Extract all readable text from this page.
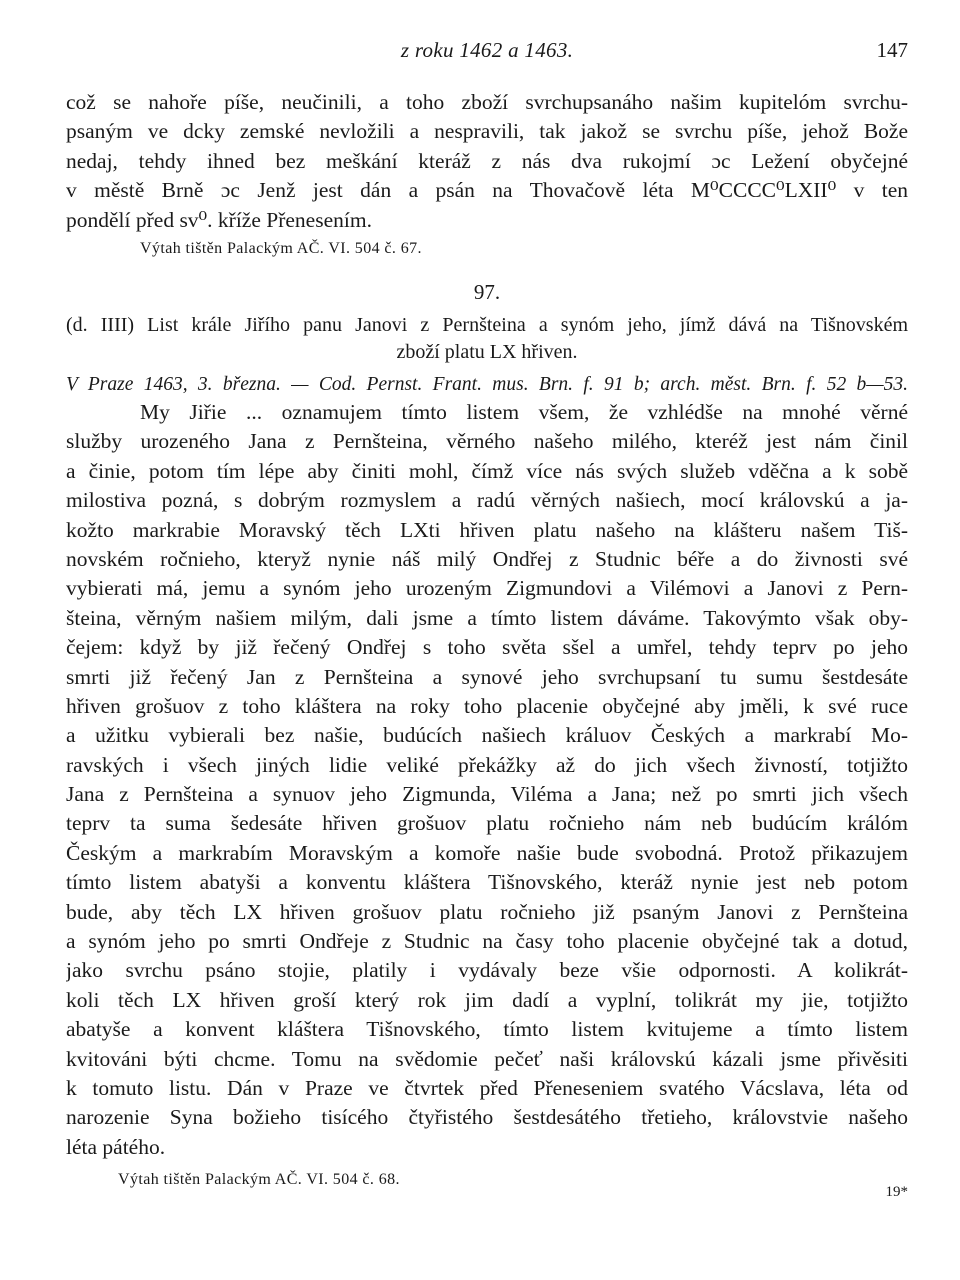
z roku 1462 a 1463.	147
což se nahoře píše, neučinili, a toho zboží svrchupsanáho našim kupitelóm svrchu-
psaným ve dcky zemské nevložili a nespravili, tak jakož se svrchu píše, jehož Bože
nedaj, tehdy ihned bez meškání kteráž z nás dva rukojmí ɔc Ležení obyčejné
v městě Brně ɔc Jenž jest dán a psán na Thovačově léta M⁰CCCC⁰LXII⁰ v ten
pondělí před sv⁰. kříže Přenesením.
Výtah tištěn Palackým AČ. VI. 504 č. 67.
97.
(d. IIII) List krále Jiřího panu Janovi z Pernšteina a synóm jeho, jímž dává na Tišnovském
zboží platu LX hřiven.
V Praze 1463, 3. března. — Cod. Pernst. Frant. mus. Brn. f. 91 b; arch. měst. Brn. f. 52 b—53.
My Jiřie ... oznamujem tímto listem všem, že vzhlédše na mnohé věrné
služby urozeného Jana z Pernšteina, věrného našeho milého, kteréž jest nám činil
a činie, potom tím lépe aby činiti mohl, čímž více nás svých služeb vděčna a k sobě
milostiva pozná, s dobrým rozmyslem a radú věrných našiech, mocí královskú a ja-
kožto markrabie Moravský těch LXti hřiven platu našeho na klášteru našem Tiš-
novském ročnieho, kteryž nynie náš milý Ondřej z Studnic béře a do živnosti své
vybierati má, jemu a synóm jeho urozeným Zigmundovi a Vilémovi a Janovi z Pern-
šteina, věrným našiem milým, dali jsme a tímto listem dáváme. Takovýmto však oby-
čejem: když by již řečený Ondřej s toho světa sšel a umřel, tehdy teprv po jeho
smrti již řečený Jan z Pernšteina a synové jeho svrchupsaní tu sumu šestdesáte
hřiven grošuov z toho kláštera na roky toho placenie obyčejné aby jměli, k své ruce
a užitku vybierali bez našie, budúcích našiech králuov Českých a markrabí Mo-
ravských i všech jiných lidie veliké překážky až do jich všech živností, totjižto
Jana z Pernšteina a synuov jeho Zigmunda, Viléma a Jana; než po smrti jich všech
teprv ta suma šedesáte hřiven grošuov platu ročnieho nám neb budúcím králóm
Českým a markrabím Moravským a komoře našie bude svobodná. Protož přikazujem
tímto listem abatyši a konventu kláštera Tišnovského, kteráž nynie jest neb potom
bude, aby těch LX hřiven grošuov platu ročnieho již psaným Janovi z Pernšteina
a synóm jeho po smrti Ondřeje z Studnic na časy toho placenie obyčejné tak a dotud,
jako svrchu psáno stojie, platily i vydávaly beze všie odpornosti. A kolikrát-
koli těch LX hřiven groší který rok jim dadí a vyplní, tolikrát my jie, totjižto
abatyše a konvent kláštera Tišnovského, tímto listem kvitujeme a tímto listem
kvitováni býti chcme. Tomu na svědomie pečeť naši královskú kázali jsme přivěsiti
k tomuto listu. Dán v Praze ve čtvrtek před Přeneseniem svatého Vácslava, léta od
narozenie Syna božieho tisícého čtyřistého šestdesátého třetieho, královstvie našeho
léta pátého.
Výtah tištěn Palackým AČ. VI. 504 č. 68.
19*
